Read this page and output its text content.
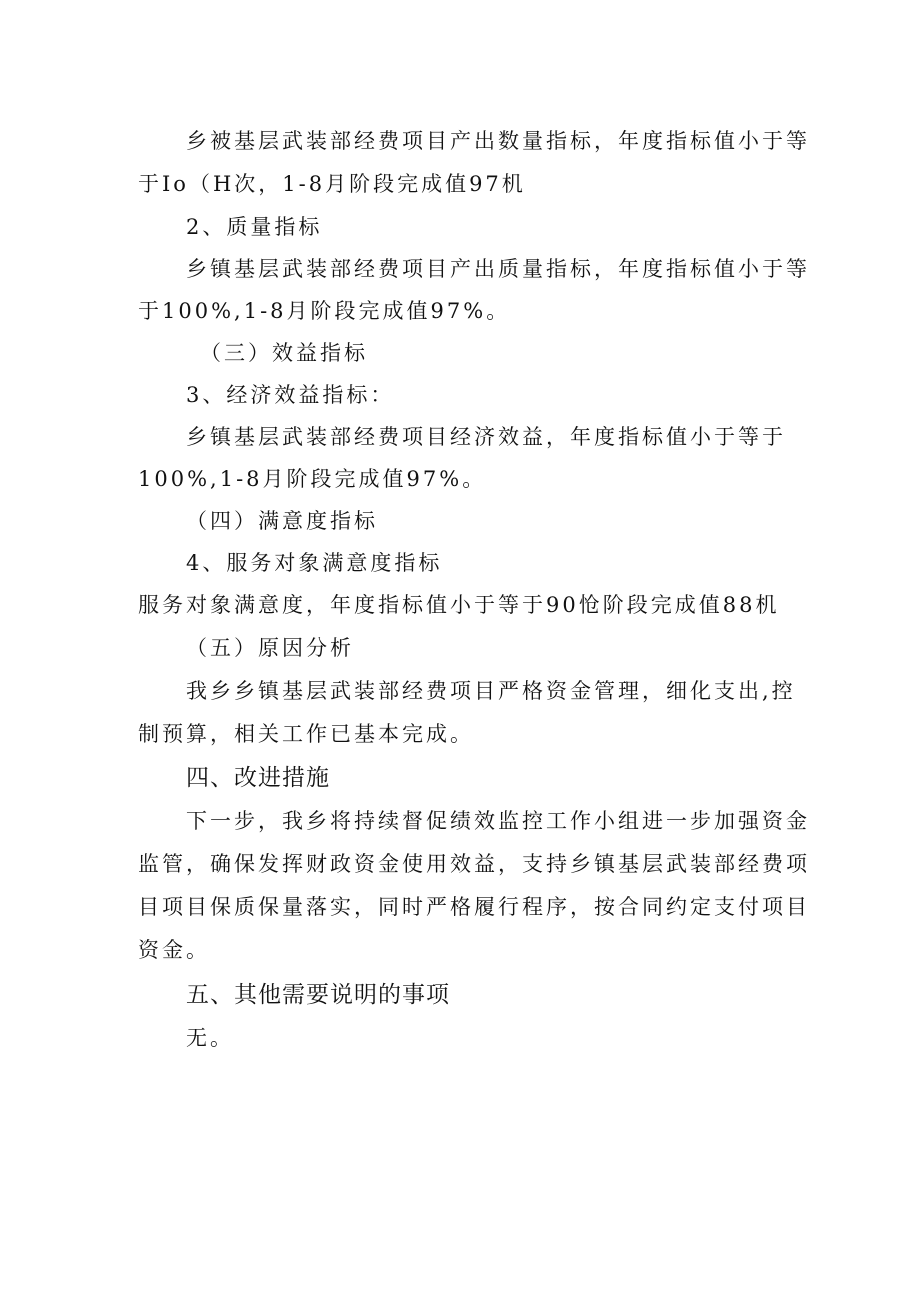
乡被基层武装部经费项目产出数量指标，年度指标值小于等
于Io（H次，1-8月阶段完成值97机
2、质量指标
乡镇基层武装部经费项目产出质量指标，年度指标值小于等
于100%,1-8月阶段完成值97%。
（三）效益指标
3、经济效益指标：
乡镇基层武装部经费项目经济效益，年度指标值小于等于
100%,1-8月阶段完成值97%。
（四）满意度指标
4、服务对象满意度指标
服务对象满意度，年度指标值小于等于90怆阶段完成值88机
（五）原因分析
我乡乡镇基层武装部经费项目严格资金管理，细化支出,控
制预算，相关工作已基本完成。
四、改进措施
下一步，我乡将持续督促绩效监控工作小组进一步加强资金
监管，确保发挥财政资金使用效益，支持乡镇基层武装部经费项
目项目保质保量落实，同时严格履行程序，按合同约定支付项目
资金。
五、其他需要说明的事项
无。
